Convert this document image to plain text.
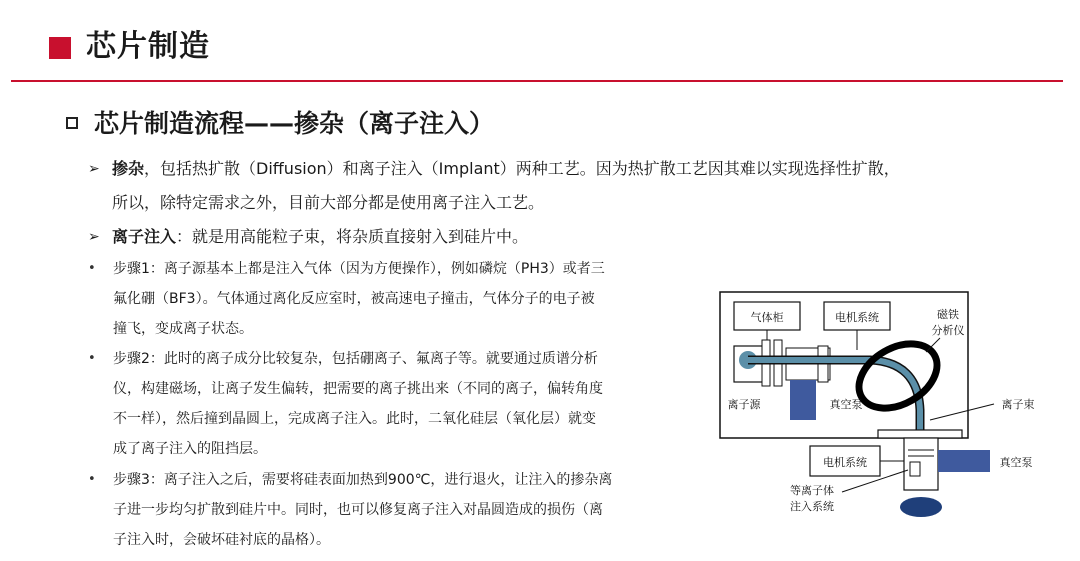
芯片制造
芯片制造流程——掺杂（离子注入）
➢ 掺杂，包括热扩散（Diffusion）和离子注入（Implant）两种工艺。因为热扩散工艺因其难以实现选择性扩散，
所以，除特定需求之外，目前大部分都是使用离子注入工艺。
➢ 离子注入：就是用高能粒子束，将杂质直接射入到硅片中。
• 步骤1：离子源基本上都是注入气体（因为方便操作），例如磷烷（PH3）或者三
氟化硼（BF3）。气体通过离化反应室时，被高速电子撞击，气体分子的电子被
撞飞，变成离子状态。
• 步骤2：此时的离子成分比较复杂，包括硼离子、氟离子等。就要通过质谱分析
仪，构建磁场，让离子发生偏转，把需要的离子挑出来（不同的离子，偏转角度
不一样），然后撞到晶圆上，完成离子注入。此时，二氧化硅层（氧化层）就变
成了离子注入的阻挡层。
• 步骤3：离子注入之后，需要将硅表面加热到900℃，进行退火，让注入的掺杂离
子进一步均匀扩散到硅片中。同时，也可以修复离子注入对晶圆造成的损伤（离
子注入时，会破坏硅衬底的晶格）。
气体柜	电机系统	磁铁
分析仪
离子源	真空泵	离子束
电机系统	真空泵
等离子体
注入系统
